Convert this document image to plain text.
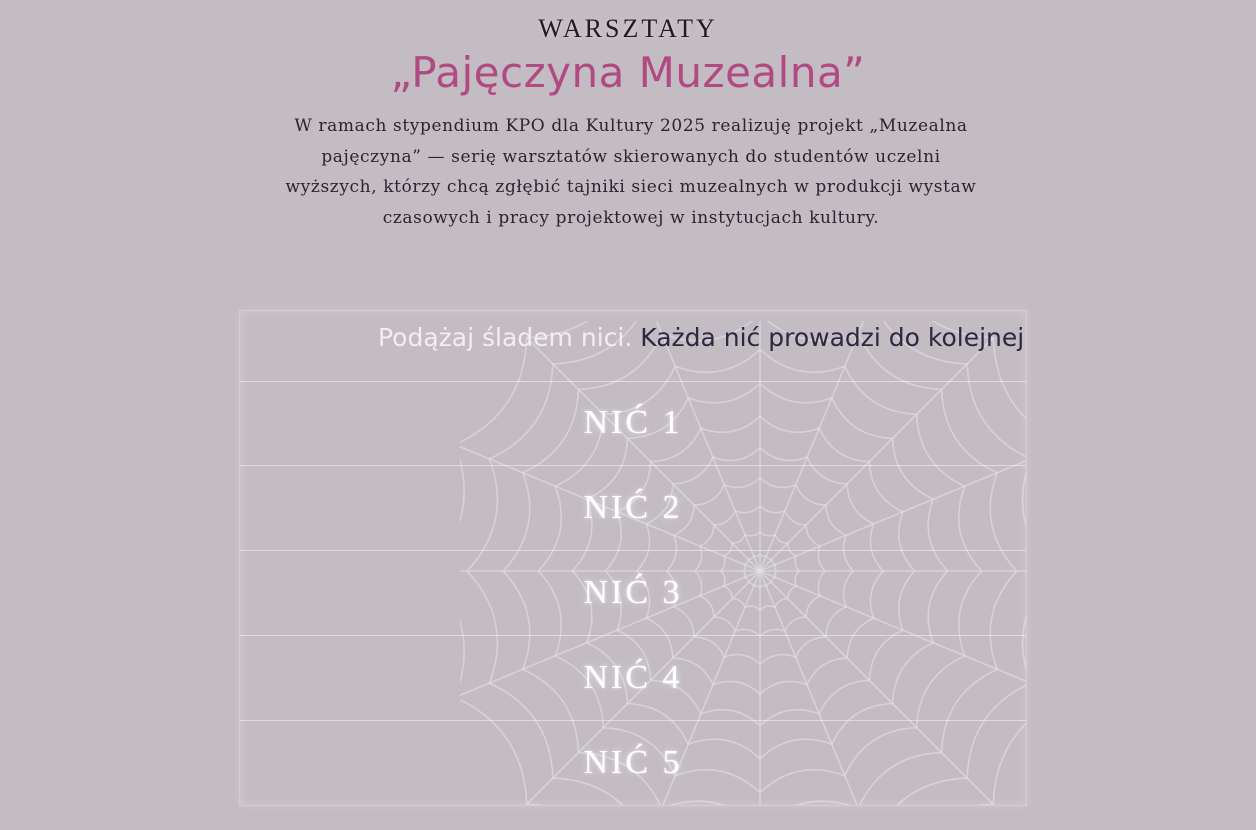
WARSZTATY
„Pajęczyna Muzealna”
W ramach stypendium KPO dla Kultury 2025 realizuję projekt „Muzealna pajęczyna” — serię warsztatów skierowanych do studentów uczelni wyższych, którzy chcą zgłębić tajniki sieci muzealnych w produkcji wystaw czasowych i pracy projektowej w instytucjach kultury.
Podążaj śladem nici. Każda nić prowadzi do kolejnej
NIĆ 1
NIĆ 2
NIĆ 3
NIĆ 4
NIĆ 5
